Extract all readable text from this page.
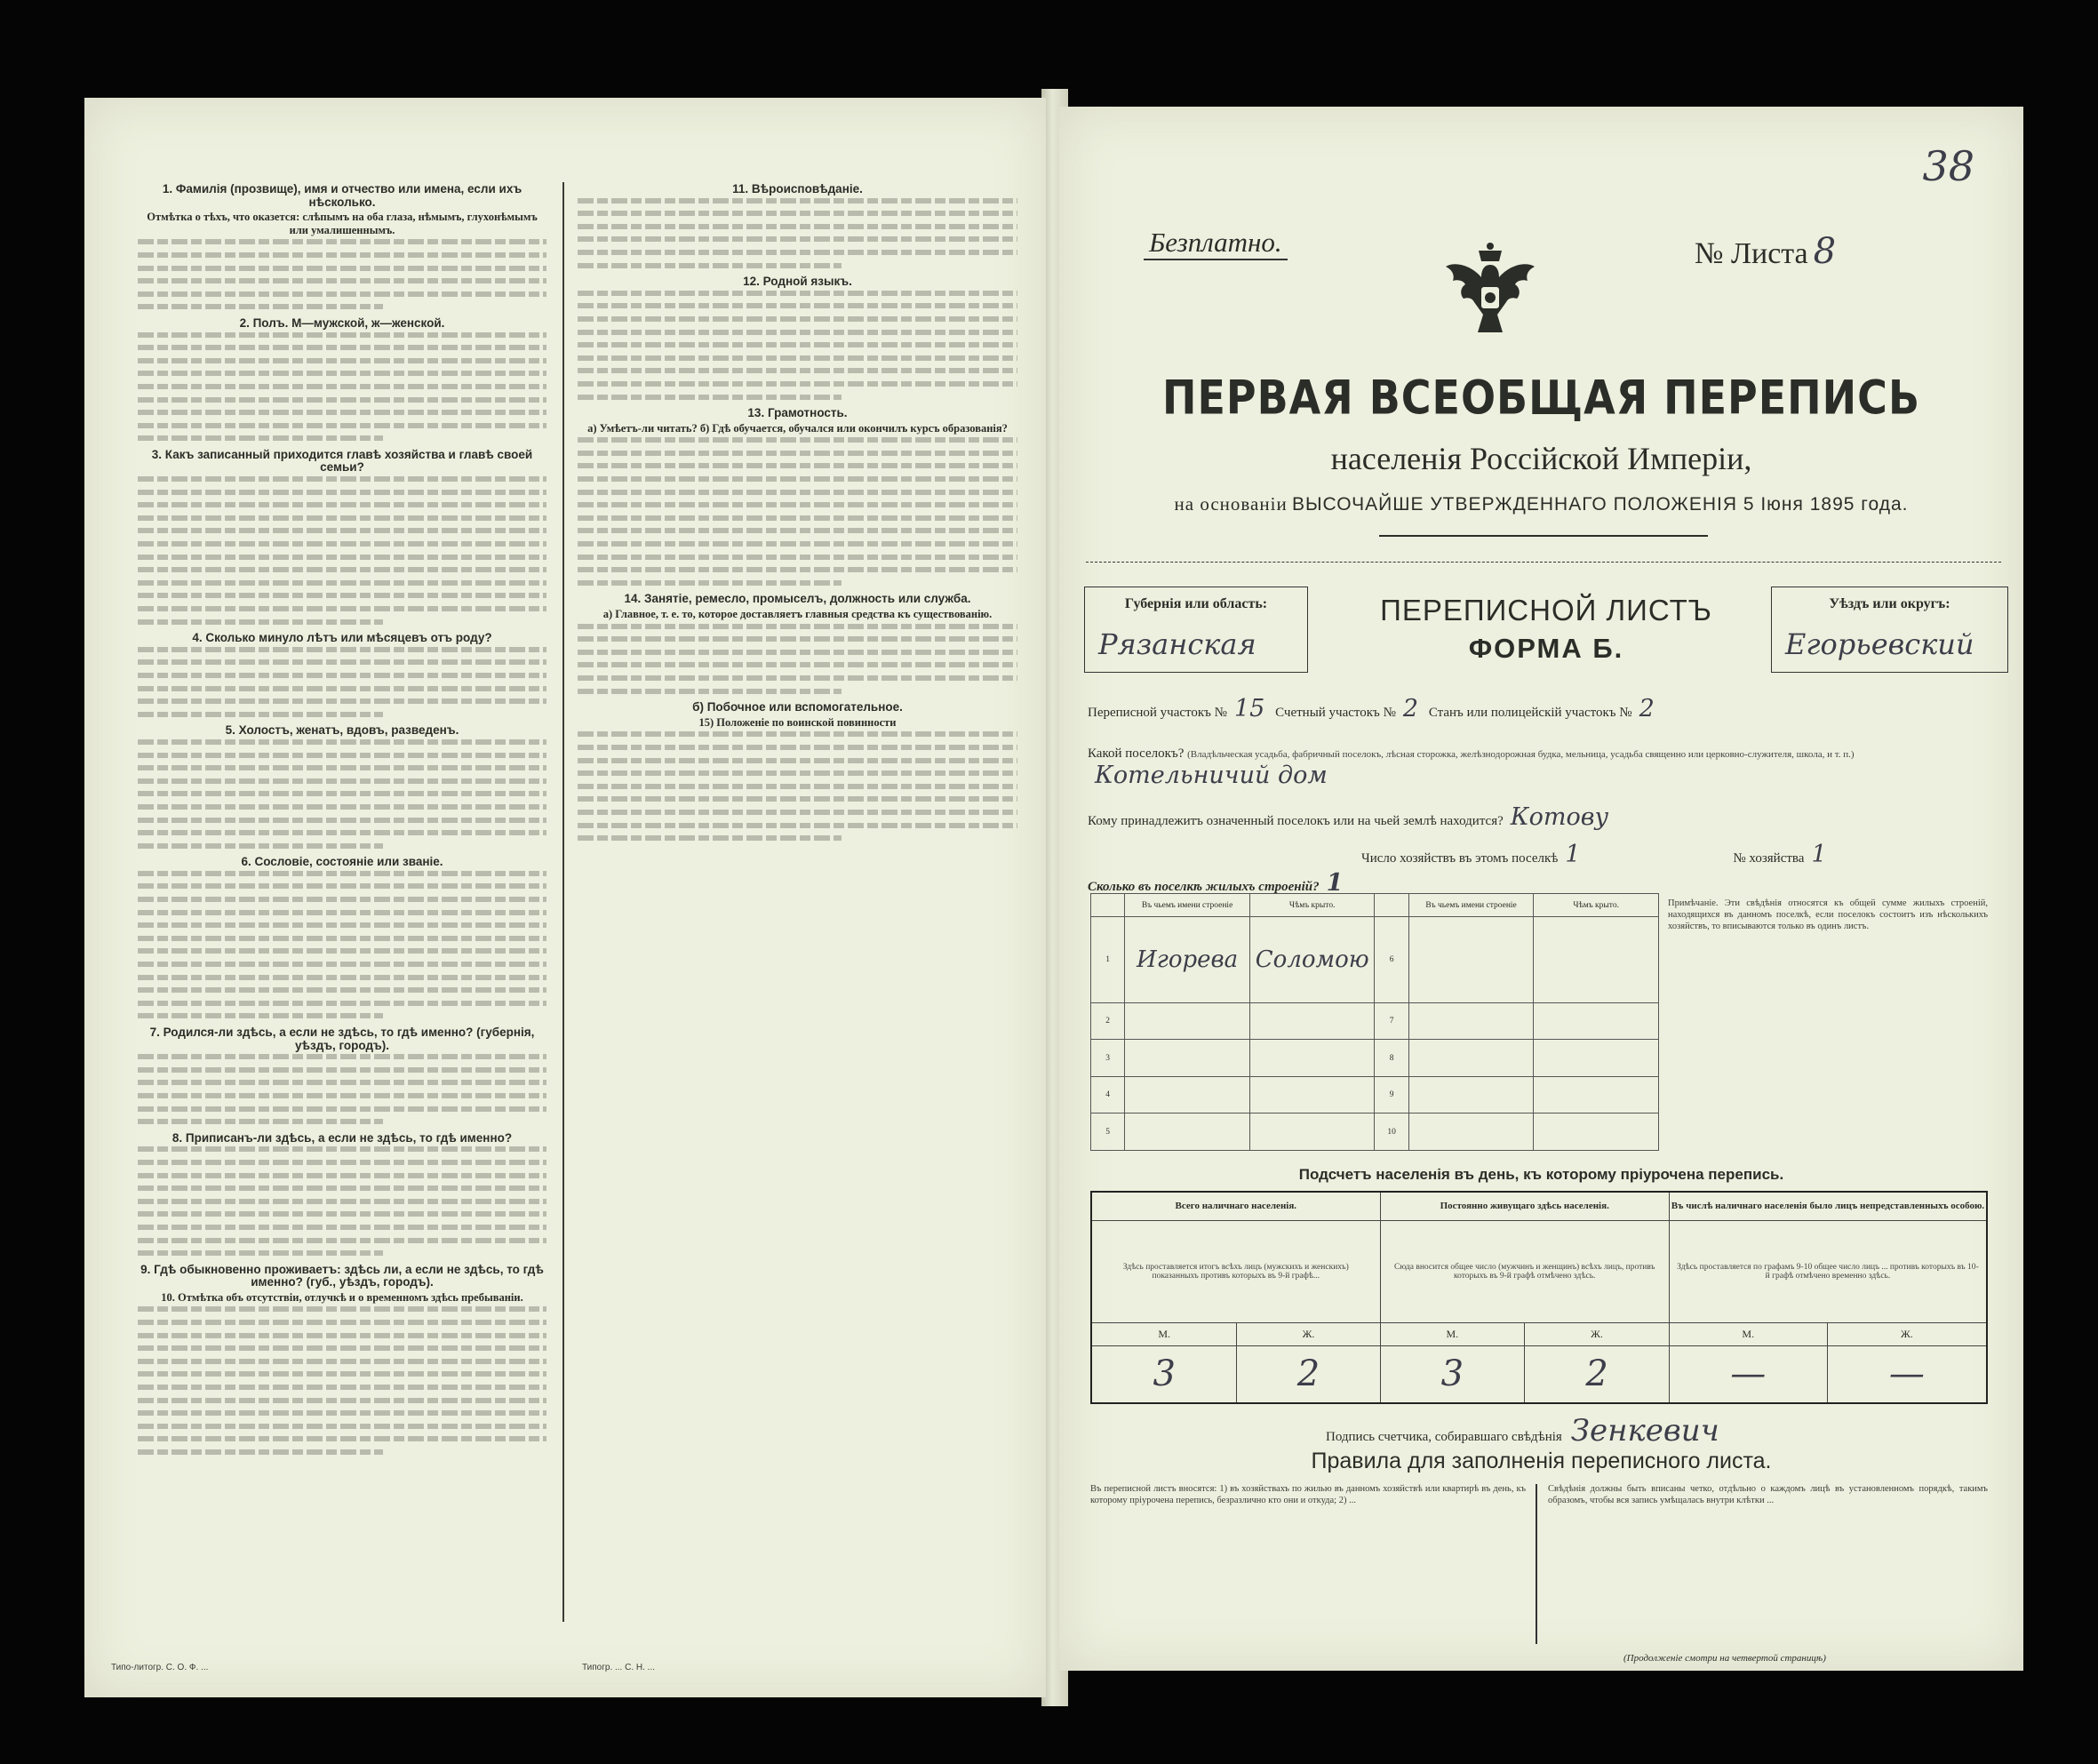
1. Фамилія (прозвище), имя и отчество или имена, если ихъ нѣсколько.
Отмѣтка о тѣхъ, что оказется: слѣпымъ на оба глаза, нѣмымъ, глухонѣмымъ или умалишеннымъ.
2. Полъ. М—мужской, ж—женской.
3. Какъ записанный приходится главѣ хозяйства и главѣ своей семьи?
4. Сколько минуло лѣтъ или мѣсяцевъ отъ роду?
5. Холостъ, женатъ, вдовъ, разведенъ.
6. Сословіе, состояніе или званіе.
7. Родился-ли здѣсь, а если не здѣсь, то гдѣ именно? (губернія, уѣздъ, городъ).
8. Приписанъ-ли здѣсь, а если не здѣсь, то гдѣ именно?
9. Гдѣ обыкновенно проживаетъ: здѣсь ли, а если не здѣсь, то гдѣ именно? (губ., уѣздъ, городъ).
10. Отмѣтка объ отсутствіи, отлучкѣ и о временномъ здѣсь пребываніи.
11. Вѣроисповѣданіе.
12. Родной языкъ.
13. Грамотность.
а) Умѣетъ-ли читать? б) Гдѣ обучается, обучался или окончилъ курсъ образованія?
14. Занятіе, ремесло, промыселъ, должность или служба.
а) Главное, т. е. то, которое доставляетъ главныя средства къ существованію.
б) Побочное или вспомогательное.
15) Положеніе по воинской повинности
Типо-литогр. С. О. Ф. ...	Типогр. ... С. Н. ...
Безплатно.	№ Листа 8
38
ПЕРВАЯ ВСЕОБЩАЯ ПЕРЕПИСЬ
населенія Россійской Имперіи,
на основаніи ВЫСОЧАЙШЕ УТВЕРЖДЕННАГО ПОЛОЖЕНІЯ 5 Іюня 1895 года.
Губернія или область:
Рязанская
ПЕРЕПИСНОЙ ЛИСТЪ
ФОРМА Б.
Уѣздъ или округъ:
Егорьевский
Переписной участокъ № 15 Счетный участокъ № 2 Станъ или полицейскій участокъ № 2
Какой поселокъ? (Владѣльческая усадьба, фабричный поселокъ, лѣсная сторожка, желѣзнодорожная будка, мельница, усадьба священно или церковно-служителя, школа, и т. п.) Котельничий дом
Кому принадлежитъ означенный поселокъ или на чьей землѣ находится? Котову
Число хозяйствъ въ этомъ поселкѣ 1	№ хозяйства 1
Сколько въ поселкѣ жилыхъ строеній? 1
	Въ чьемъ имени строеніе	Чѣмъ крыто.		Въ чьемъ имени строеніе	Чѣмъ крыто.
1	Игорева	Соломою	6		
2			7		
3			8		
4			9		
5			10		
Примѣчаніе. Эти свѣдѣнія относятся къ общей сумме жилыхъ строеній, находящихся въ данномъ поселкѣ, если поселокъ состоитъ изъ нѣсколькихъ хозяйствъ, то вписываются только въ одинъ листъ.
Подсчетъ населенія въ день, къ которому пріурочена перепись.
Всего наличнаго населенія.		Постоянно живущаго здѣсь населенія.		Въ числѣ наличнаго населенія было лицъ непредставленныхъ особою.	
Здѣсь проставляется итогъ всѣхъ лицъ (мужскихъ и женскихъ) показанныхъ противъ которыхъ въ 9-й графѣ...		Сюда вносится общее число (мужчинъ и женщинъ) всѣхъ лицъ, противъ которыхъ въ 9-й графѣ отмѣчено здѣсь.		Здѣсь проставляется по графамъ 9-10 общее число лицъ ... противъ которыхъ въ 10-й графѣ отмѣчено временно здѣсь.	
М.	Ж.	М.	Ж.	М.	Ж.
3	2	3	2	—	—
Подпись счетчика, собиравшаго свѣдѣнія Зенкевич
Правила для заполненія переписного листа.
Въ переписной листъ вносятся: 1) въ хозяйствахъ по жилью въ данномъ хозяйствѣ или квартирѣ въ день, къ которому пріурочена перепись, безразлично кто они и откуда; 2) ...
Свѣдѣнія должны быть вписаны четко, отдѣльно о каждомъ лицѣ въ установленномъ порядкѣ, такимъ образомъ, чтобы вся запись умѣщалась внутри клѣтки ...
(Продолженіе смотри на четвертой страницѣ)
